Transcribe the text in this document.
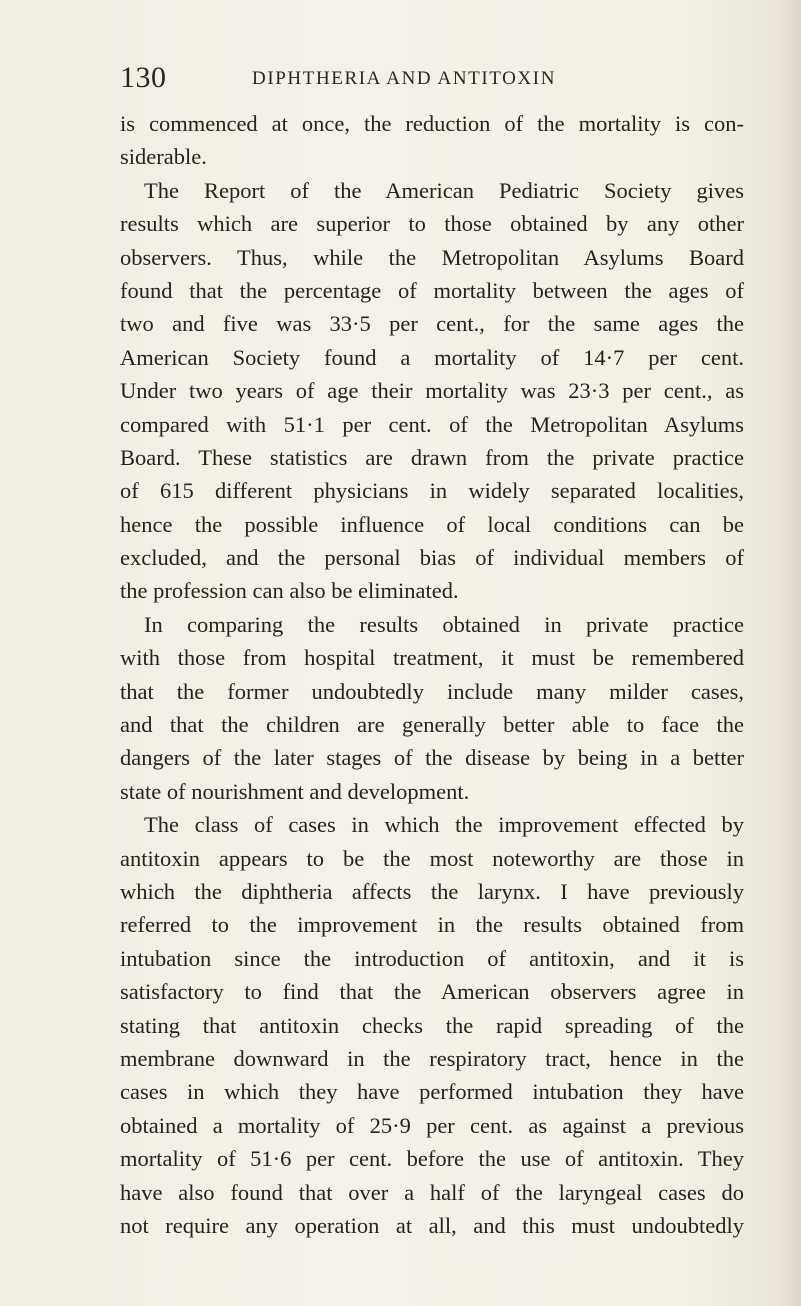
130	DIPHTHERIA AND ANTITOXIN
is commenced at once, the reduction of the mortality is con-
siderable.
The Report of the American Pediatric Society gives
results which are superior to those obtained by any other
observers. Thus, while the Metropolitan Asylums Board
found that the percentage of mortality between the ages of
two and five was 33·5 per cent., for the same ages the
American Society found a mortality of 14·7 per cent.
Under two years of age their mortality was 23·3 per cent., as
compared with 51·1 per cent. of the Metropolitan Asylums
Board. These statistics are drawn from the private practice
of 615 different physicians in widely separated localities,
hence the possible influence of local conditions can be
excluded, and the personal bias of individual members of
the profession can also be eliminated.
In comparing the results obtained in private practice
with those from hospital treatment, it must be remembered
that the former undoubtedly include many milder cases,
and that the children are generally better able to face the
dangers of the later stages of the disease by being in a better
state of nourishment and development.
The class of cases in which the improvement effected by
antitoxin appears to be the most noteworthy are those in
which the diphtheria affects the larynx. I have previously
referred to the improvement in the results obtained from
intubation since the introduction of antitoxin, and it is
satisfactory to find that the American observers agree in
stating that antitoxin checks the rapid spreading of the
membrane downward in the respiratory tract, hence in the
cases in which they have performed intubation they have
obtained a mortality of 25·9 per cent. as against a previous
mortality of 51·6 per cent. before the use of antitoxin. They
have also found that over a half of the laryngeal cases do
not require any operation at all, and this must undoubtedly
